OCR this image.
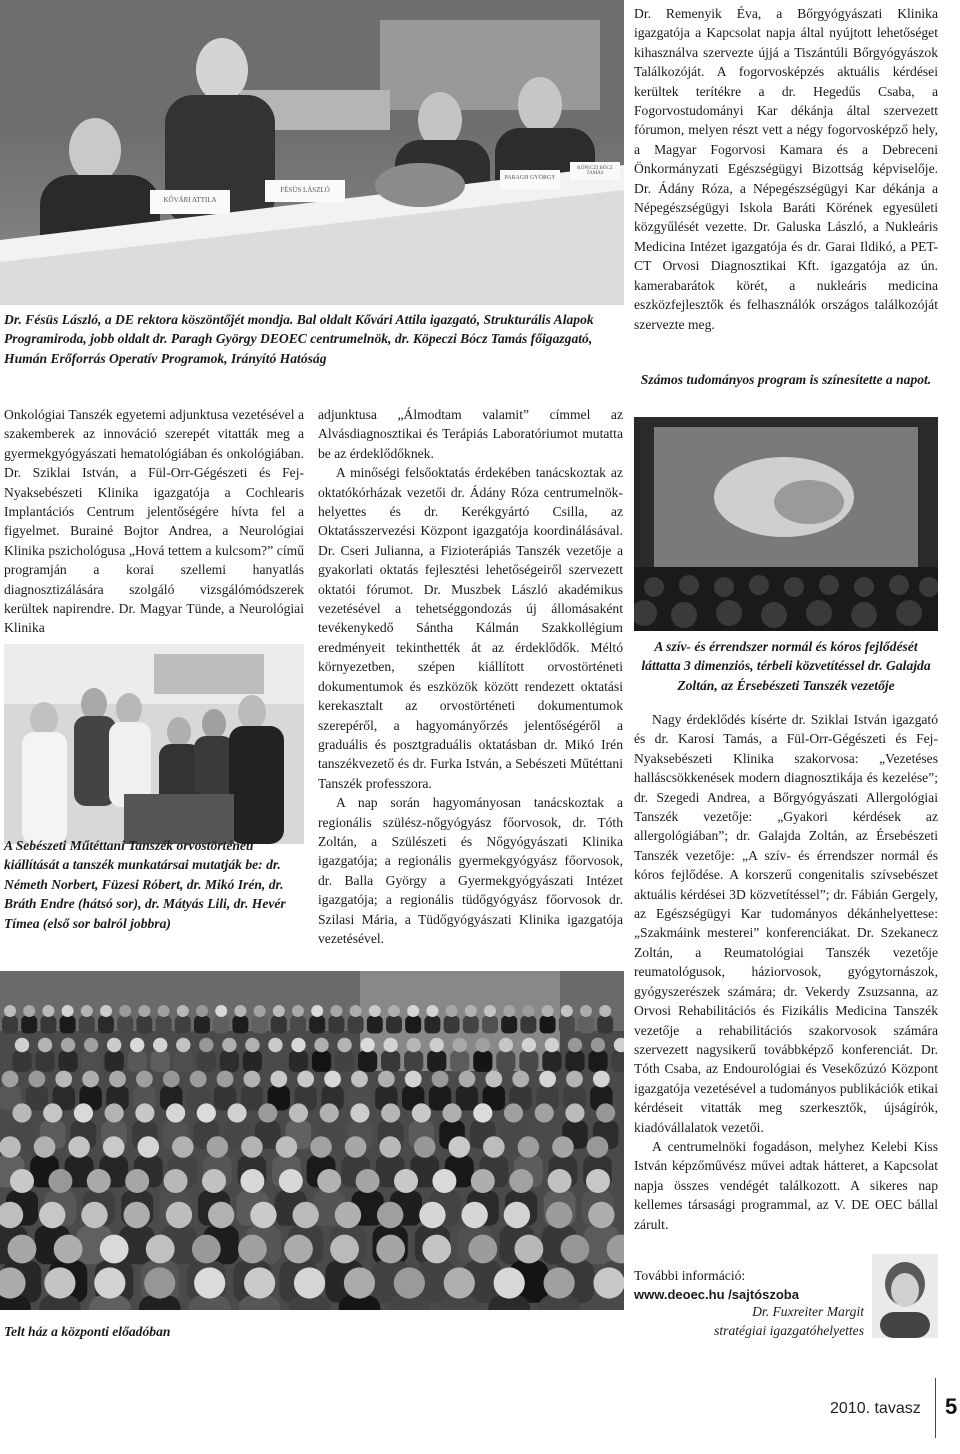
KŐVÁRI ATTILA
FÉSÜS LÁSZLÓ
PARAGH GYÖRGY
KÖPECZI BÓCZ TAMÁS
Dr. Fésüs László, a DE rektora köszöntőjét mondja. Bal oldalt Kővári Attila igazgató, Strukturális Alapok Programiroda, jobb oldalt dr. Paragh György DEOEC centrumelnök, dr. Köpeczi Bócz Tamás főigazgató, Humán Erőforrás Operatív Programok, Irányító Hatóság
Onkológiai Tanszék egyetemi adjunktusa vezetésével a szakemberek az innováció szerepét vitatták meg a gyermekgyógyászati hematológiában és onkológiában. Dr. Sziklai István, a Fül-Orr-Gégészeti és Fej-Nyaksebészeti Klinika igazgatója a Cochlearis Implantációs Centrum jelentőségére hívta fel a figyelmet. Burainé Bojtor Andrea, a Neurológiai Klinika pszichológusa „Hová tettem a kulcsom?” című programján a korai szellemi hanyatlás diagnosztizálására szolgáló vizsgálómódszerek kerültek napirendre. Dr. Magyar Tünde, a Neurológiai Klinika
A Sebészeti Műtéttani Tanszék orvostörténeti kiállítását a tanszék munkatársai mutatják be: dr. Németh Norbert, Füzesi Róbert, dr. Mikó Irén, dr. Bráth Endre (hátsó sor), dr. Mátyás Lili, dr. Hevér Tímea (első sor balról jobbra)

adjunktusa „Álmodtam valamit” címmel az Alvásdiagnosztikai és Terápiás Laboratóriumot mutatta be az érdeklődőknek.

A minőségi felsőoktatás érdekében tanácskoztak az oktatókórházak vezetői dr. Ádány Róza centrumelnök-helyettes és dr. Kerékgyártó Csilla, az Oktatásszervezési Központ igazgatója koordinálásával. Dr. Cseri Julianna, a Fizioterápiás Tanszék vezetője a gyakorlati oktatás fejlesztési lehetőségeiről szervezett oktatói fórumot. Dr. Muszbek László akadémikus vezetésével a tehetséggondozás új állomásaként tevékenykedő Sántha Kálmán Szakkollégium eredményeit tekinthették át az érdeklődők. Méltó környezetben, szépen kiállított orvostörténeti dokumentumok és eszközök között rendezett oktatási kerekasztalt az orvostörténeti dokumentumok szerepéről, a hagyományőrzés jelentőségéről a graduális és posztgraduális oktatásban dr. Mikó Irén tanszékvezető és dr. Furka István, a Sebészeti Műtéttani Tanszék professzora.

A nap során hagyományosan tanácskoztak a regionális szülész-nőgyógyász főorvosok, dr. Tóth Zoltán, a Szülészeti és Nőgyógyászati Klinika igazgatója; a regionális gyermekgyógyász főorvosok, dr. Balla György a Gyermekgyógyászati Intézet igazgatója; a regionális tüdőgyógyász főorvosok dr. Szilasi Mária, a Tüdőgyógyászati Klinika igazgatója vezetésével.

Telt ház a központi előadóban
Dr. Remenyik Éva, a Bőrgyógyászati Klinika igazgatója a Kapcsolat napja által nyújtott lehetőséget kihasználva szervezte újjá a Tiszántúli Bőrgyógyászok Találkozóját. A fogorvosképzés aktuális kérdései kerültek terítékre a dr. Hegedűs Csaba, a Fogorvostudományi Kar dékánja által szervezett fórumon, melyen részt vett a négy fogorvosképző hely, a Magyar Fogorvosi Kamara és a Debreceni Önkormányzati Egészségügyi Bizottság képviselője. Dr. Ádány Róza, a Népegészségügyi Kar dékánja a Népegészségügyi Iskola Baráti Körének egyesületi közgyűlését vezette. Dr. Galuska László, a Nukleáris Medicina Intézet igazgatója és dr. Garai Ildikó, a PET-CT Orvosi Diagnosztikai Kft. igazgatója az ún. kamerabarátok körét, a nukleáris medicina eszközfejlesztők és felhasználók országos találkozóját szervezte meg.
Számos tudományos program is színesítette a napot.
A szív- és érrendszer normál és kóros fejlődését láttatta 3 dimenziós, térbeli közvetítéssel dr. Galajda Zoltán, az Érsebészeti Tanszék vezetője

Nagy érdeklődés kísérte dr. Sziklai István igazgató és dr. Karosi Tamás, a Fül-Orr-Gégészeti és Fej-Nyaksebészeti Klinika szakorvosa: „Vezetéses halláscsökkenések modern diagnosztikája és kezelése”; dr. Szegedi Andrea, a Bőrgyógyászati Allergológiai Tanszék vezetője: „Gyakori kérdések az allergológiában”; dr. Galajda Zoltán, az Érsebészeti Tanszék vezetője: „A szív- és érrendszer normál és kóros fejlődése. A korszerű congenitalis szívsebészet aktuális kérdései 3D közvetítéssel”; dr. Fábián Gergely, az Egészségügyi Kar tudományos dékánhelyettese: „Szakmáink mesterei” konferenciákat. Dr. Szekanecz Zoltán, a Reumatológiai Tanszék vezetője reumatológusok, háziorvosok, gyógytornászok, gyógyszerészek számára; dr. Vekerdy Zsuzsanna, az Orvosi Rehabilitációs és Fizikális Medicina Tanszék vezetője a rehabilitációs szakorvosok számára szervezett nagysikerű továbbképző konferenciát. Dr. Tóth Csaba, az Endourológiai és Vesekőzúzó Központ igazgatója vezetésével a tudományos publikációk etikai kérdéseit vitatták meg szerkesztők, újságírók, kiadóvállalatok vezetői.

A centrumelnöki fogadáson, melyhez Kelebi Kiss István képzőművész művei adtak hátteret, a Kapcsolat napja összes vendégét találkozott. A sikeres nap kellemes társasági programmal, az V. DE OEC bállal zárult.

További információ:
www.deoec.hu /sajtószoba
Dr. Fuxreiter Margit
stratégiai igazgatóhelyettes
2010. tavasz 5
